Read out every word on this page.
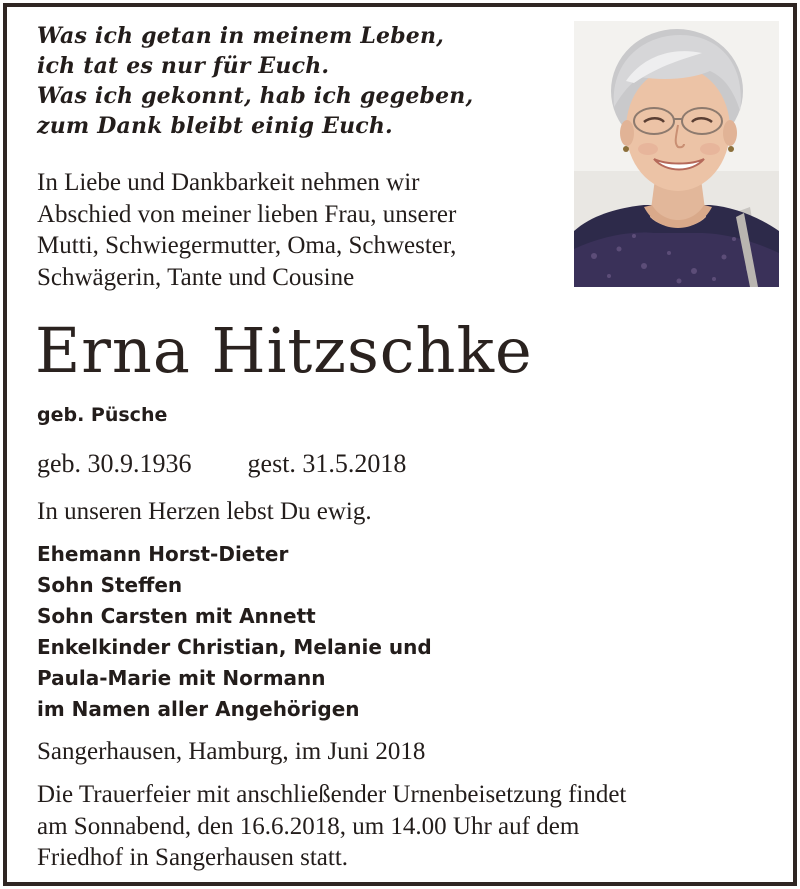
Was ich getan in meinem Leben,
ich tat es nur für Euch.
Was ich gekonnt, hab ich gegeben,
zum Dank bleibt einig Euch.
In Liebe und Dankbarkeit nehmen wir
Abschied von meiner lieben Frau, unserer
Mutti, Schwiegermutter, Oma, Schwester,
Schwägerin, Tante und Cousine
Erna Hitzschke
geb. Püsche
geb. 30.9.1936 gest. 31.5.2018
In unseren Herzen lebst Du ewig.
Ehemann Horst-Dieter
Sohn Steffen
Sohn Carsten mit Annett
Enkelkinder Christian, Melanie und
Paula-Marie mit Normann
im Namen aller Angehörigen
Sangerhausen, Hamburg, im Juni 2018
Die Trauerfeier mit anschließender Urnenbeisetzung findet
am Sonnabend, den 16.6.2018, um 14.00 Uhr auf dem
Friedhof in Sangerhausen statt.
